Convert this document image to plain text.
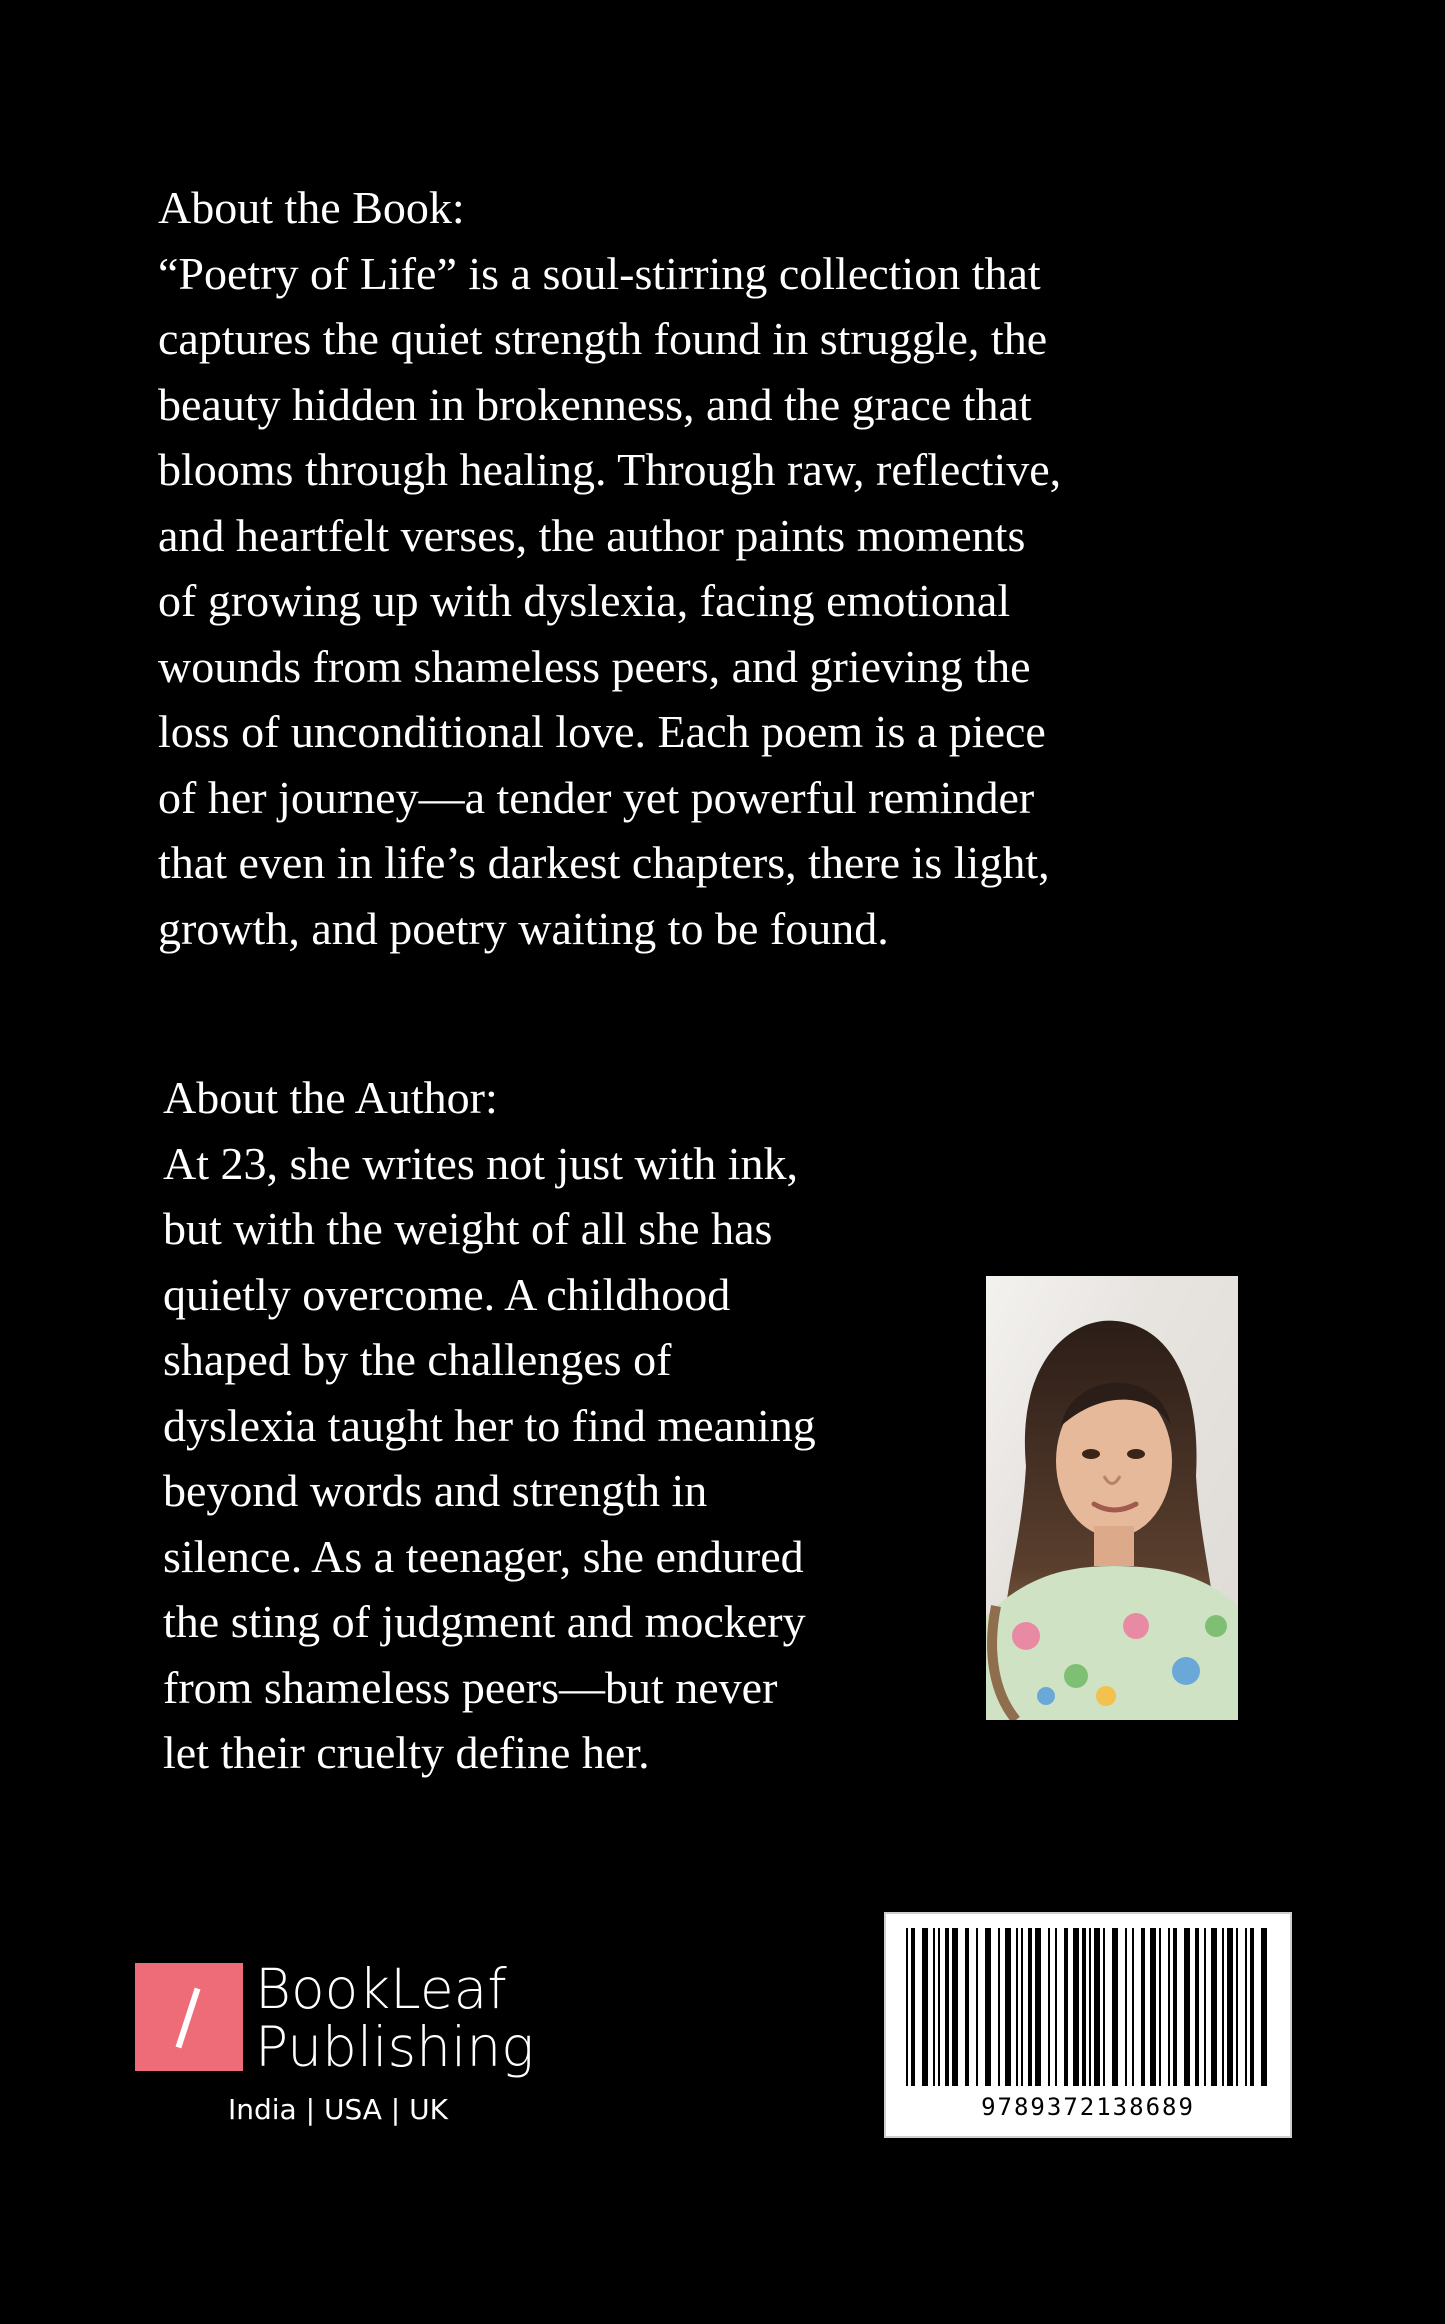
About the Book:
“Poetry of Life” is a soul-stirring collection that
captures the quiet strength found in struggle, the
beauty hidden in brokenness, and the grace that
blooms through healing. Through raw, reflective,
and heartfelt verses, the author paints moments
of growing up with dyslexia, facing emotional
wounds from shameless peers, and grieving the
loss of unconditional love. Each poem is a piece
of her journey—a tender yet powerful reminder
that even in life’s darkest chapters, there is light,
growth, and poetry waiting to be found.
About the Author:
At 23, she writes not just with ink,
but with the weight of all she has
quietly overcome. A childhood
shaped by the challenges of
dyslexia taught her to find meaning
beyond words and strength in
silence. As a teenager, she endured
the sting of judgment and mockery
from shameless peers—but never
let their cruelty define her.
BookLeaf
Publishing
India | USA | UK	9789372138689
